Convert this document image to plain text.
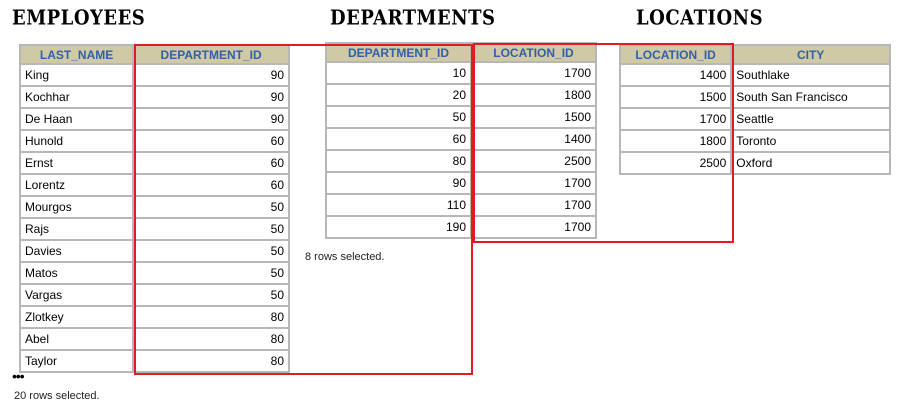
EMPLOYEES	DEPARTMENTS	LOCATIONS
LAST_NAME	DEPARTMENT_ID
King	90
Kochhar	90
De Haan	90
Hunold	60
Ernst	60
Lorentz	60
Mourgos	50
Rajs	50
Davies	50
Matos	50
Vargas	50
Zlotkey	80
Abel	80
Taylor	80
•••
20 rows selected.
DEPARTMENT_ID	LOCATION_ID
10	1700
20	1800
50	1500
60	1400
80	2500
90	1700
110	1700
190	1700
8 rows selected.
LOCATION_ID	CITY
1400	Southlake
1500	South San Francisco
1700	Seattle
1800	Toronto
2500	Oxford
